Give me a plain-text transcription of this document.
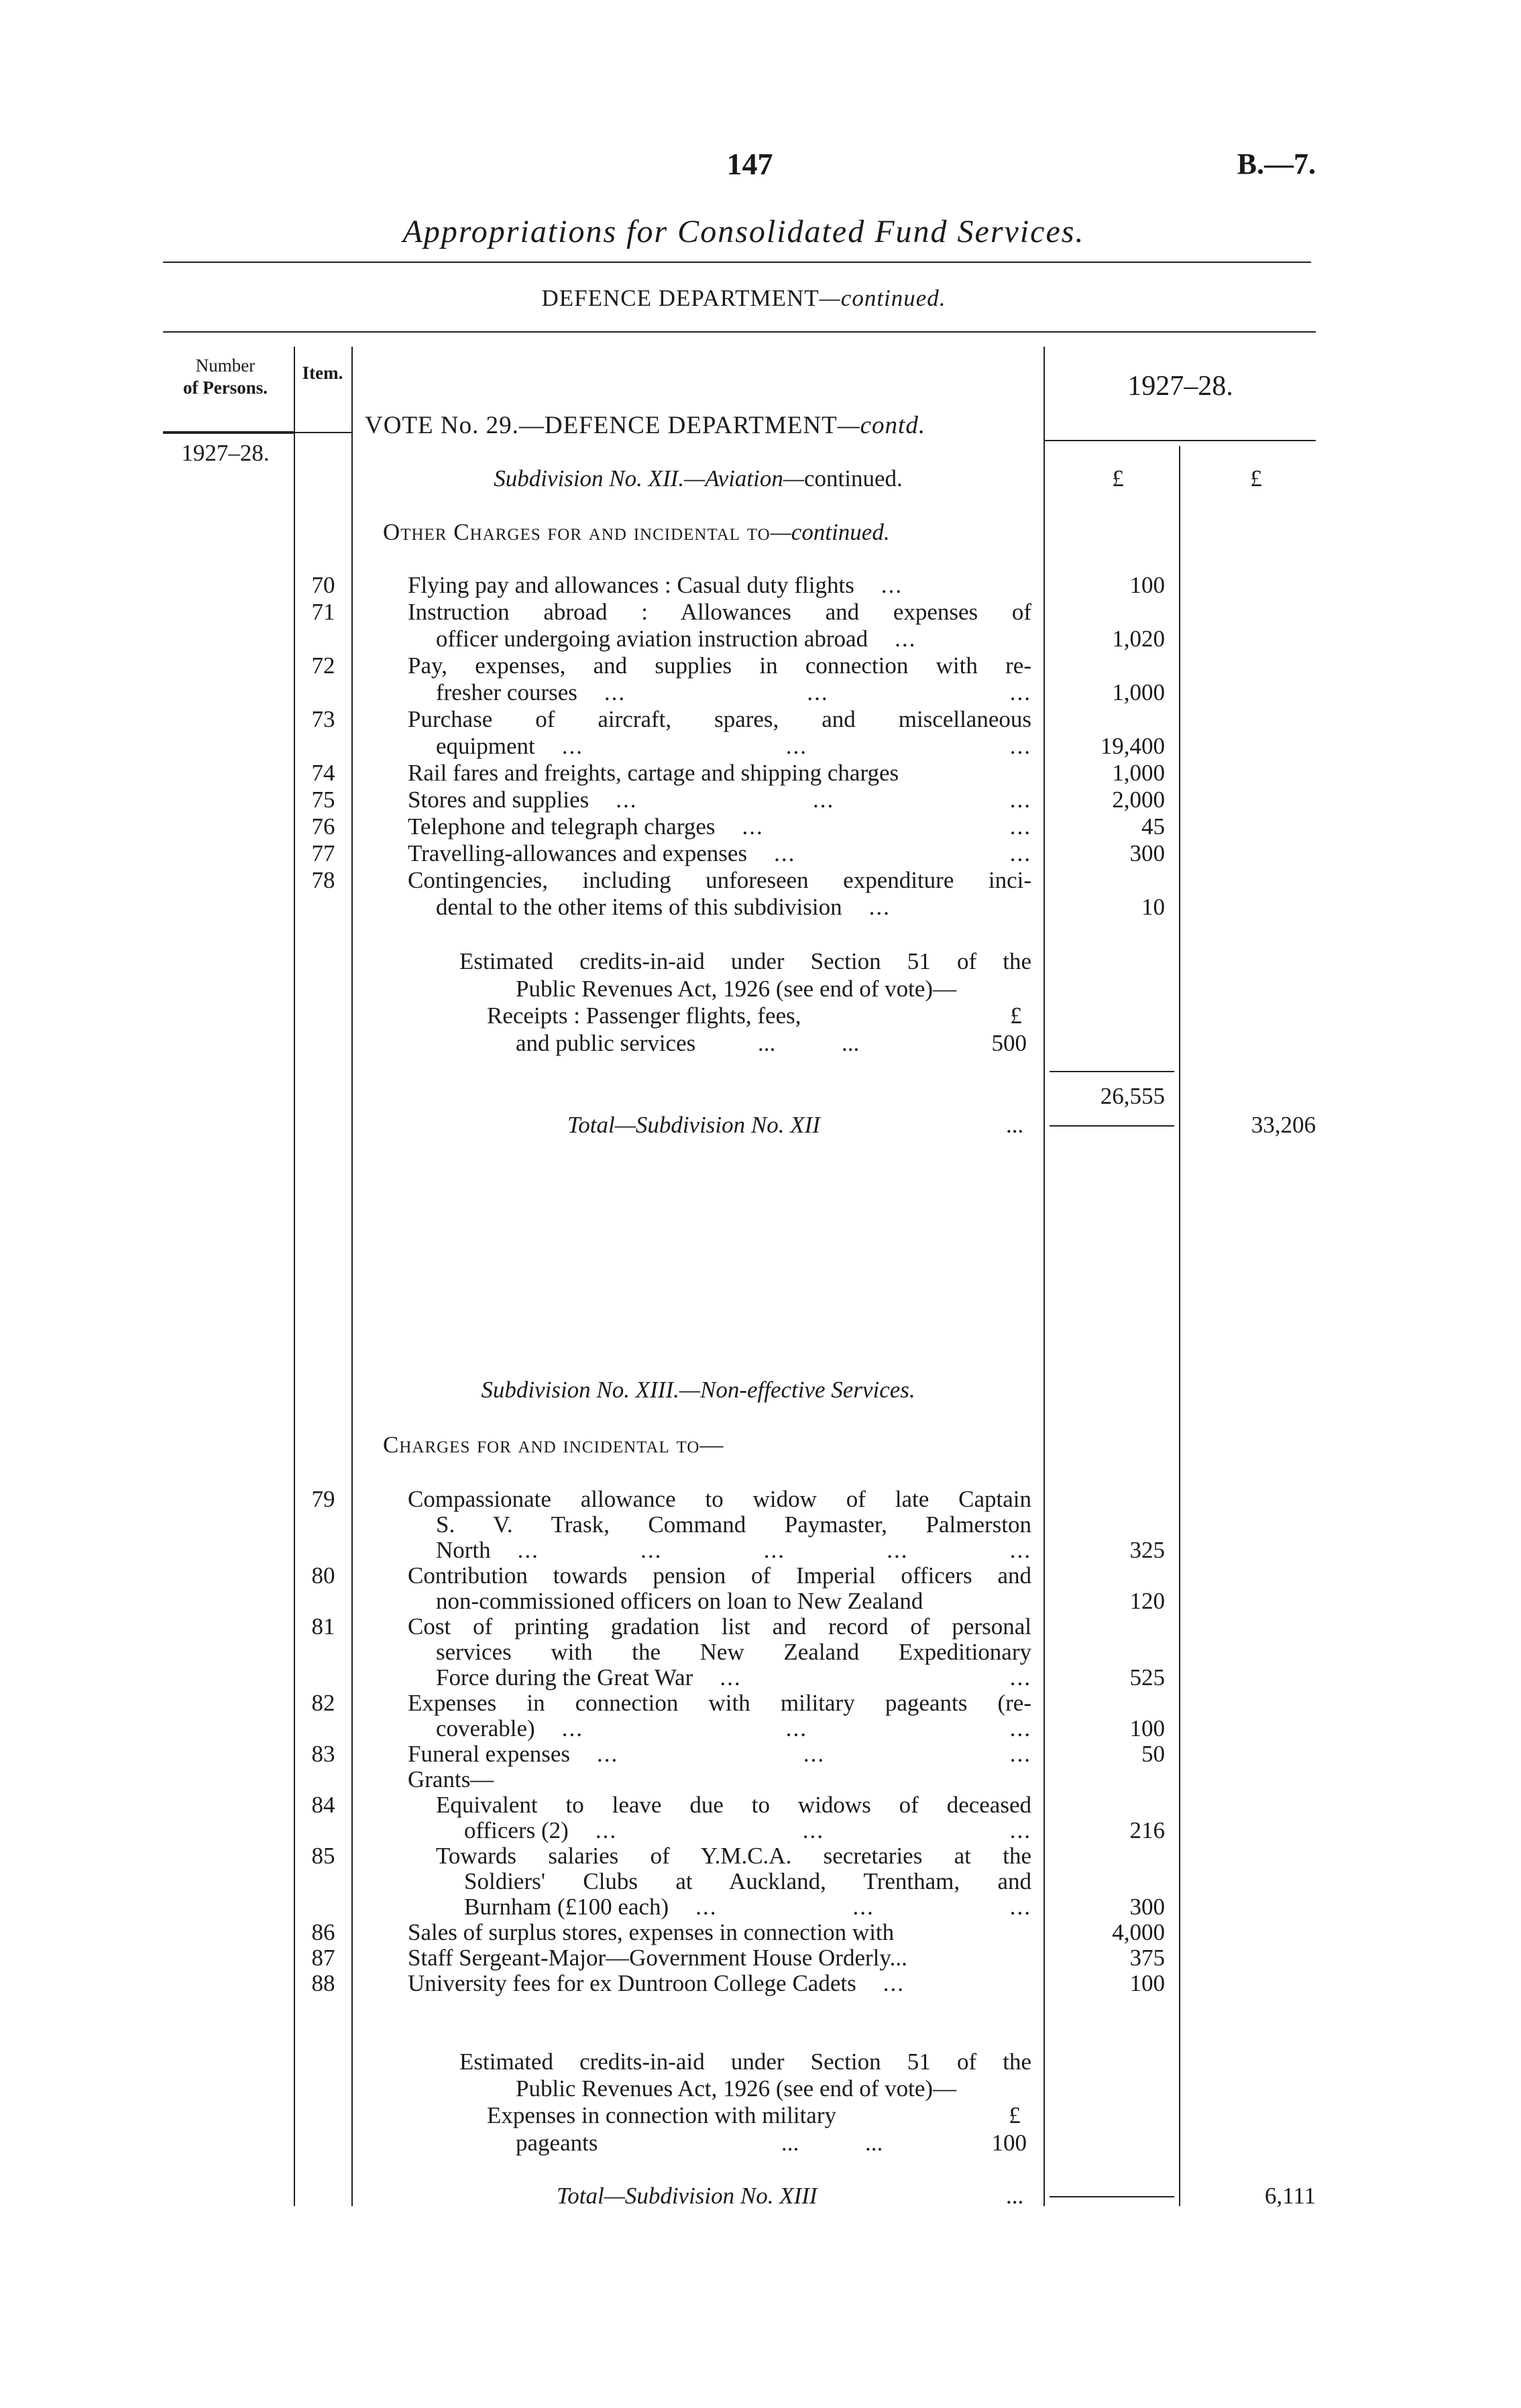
147	B.—7.
Appropriations for Consolidated Fund Services.
DEFENCE DEPARTMENT—continued.
Number
of Persons.
Item.	1927–28.
1927–28.
VOTE No. 29.—DEFENCE DEPARTMENT—contd.
£	£
Subdivision No. XII.—Aviation—continued.
Other Charges for and incidental to—continued.
70	Flying pay and allowances : Casual duty flights	...	100
71	Instruction abroad : Allowances and expenses of
officer undergoing aviation instruction abroad	...	1,020
72	Pay, expenses, and supplies in connection with re-
fresher courses	... ... ...	1,000
73	Purchase of aircraft, spares, and miscellaneous
equipment	... ... ...	19,400
74	Rail fares and freights, cartage and shipping charges	1,000
75	Stores and supplies	... ... ...	2,000
76	Telephone and telegraph charges	... ...	45
77	Travelling-allowances and expenses	... ...	300
78	Contingencies, including unforeseen expenditure inci-
dental to the other items of this subdivision	...	10
Estimated credits-in-aid under Section 51 of the
Public Revenues Act, 1926 (see end of vote)—
Receipts : Passenger flights, fees,	£
and public services	... ...	500
26,555
Total—Subdivision No. XII	...	33,206
Subdivision No. XIII.—Non-effective Services.
Charges for and incidental to—
79	Compassionate allowance to widow of late Captain
S. V. Trask, Command Paymaster, Palmerston
North	... ... ... ... ...	325
80	Contribution towards pension of Imperial officers and
non-commissioned officers on loan to New Zealand	120
81	Cost of printing gradation list and record of personal
services with the New Zealand Expeditionary
Force during the Great War	... ...	525
82	Expenses in connection with military pageants (re-
coverable)	... ... ...	100
83	Funeral expenses	... ... ...	50
Grants—
84	Equivalent to leave due to widows of deceased
officers (2)	... ... ...	216
85	Towards salaries of Y.M.C.A. secretaries at the
Soldiers' Clubs at Auckland, Trentham, and
Burnham (£100 each)	... ... ...	300
86	Sales of surplus stores, expenses in connection with	4,000
87	Staff Sergeant-Major—Government House Orderly...	375
88	University fees for ex Duntroon College Cadets	...	100
Estimated credits-in-aid under Section 51 of the
Public Revenues Act, 1926 (see end of vote)—
Expenses in connection with military	£
pageants	... ...	100
Total—Subdivision No. XIII	...	6,111
